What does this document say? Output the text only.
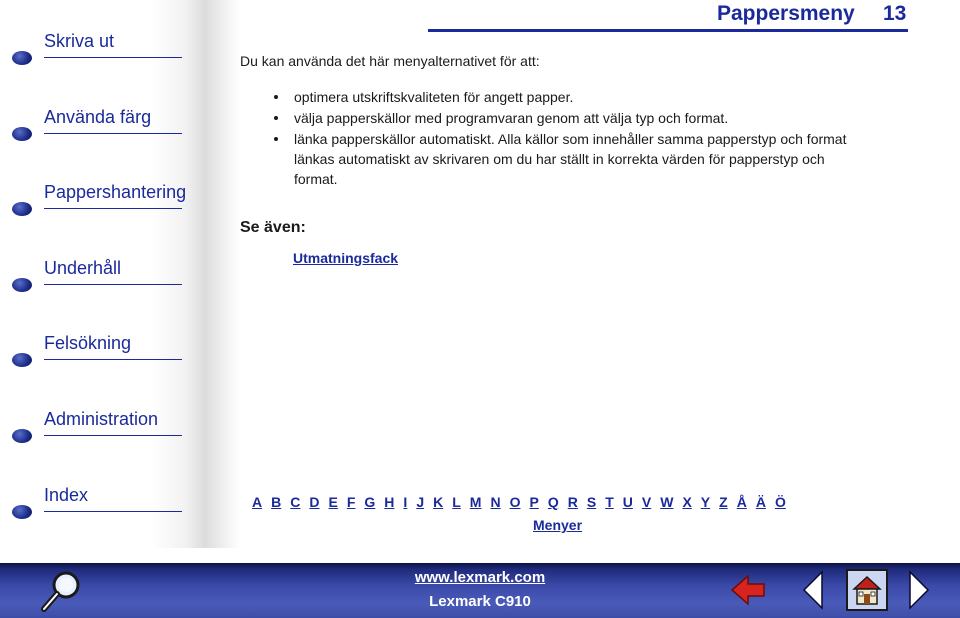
Skriva ut
Använda färg
Pappershantering
Underhåll
Felsökning
Administration
Index
Pappersmeny 13
Du kan använda det här menyalternativet för att:
optimera utskriftskvaliteten för angett papper.
välja papperskällor med programvaran genom att välja typ och format.
länka papperskällor automatiskt. Alla källor som innehåller samma papperstyp och format länkas automatiskt av skrivaren om du har ställt in korrekta värden för papperstyp och format.
Se även:
Utmatningsfack
A B C D E F G H I J K L M N O P Q R S T U V W X Y Z Å Ä Ö
Menyer
www.lexmark.com
Lexmark C910
